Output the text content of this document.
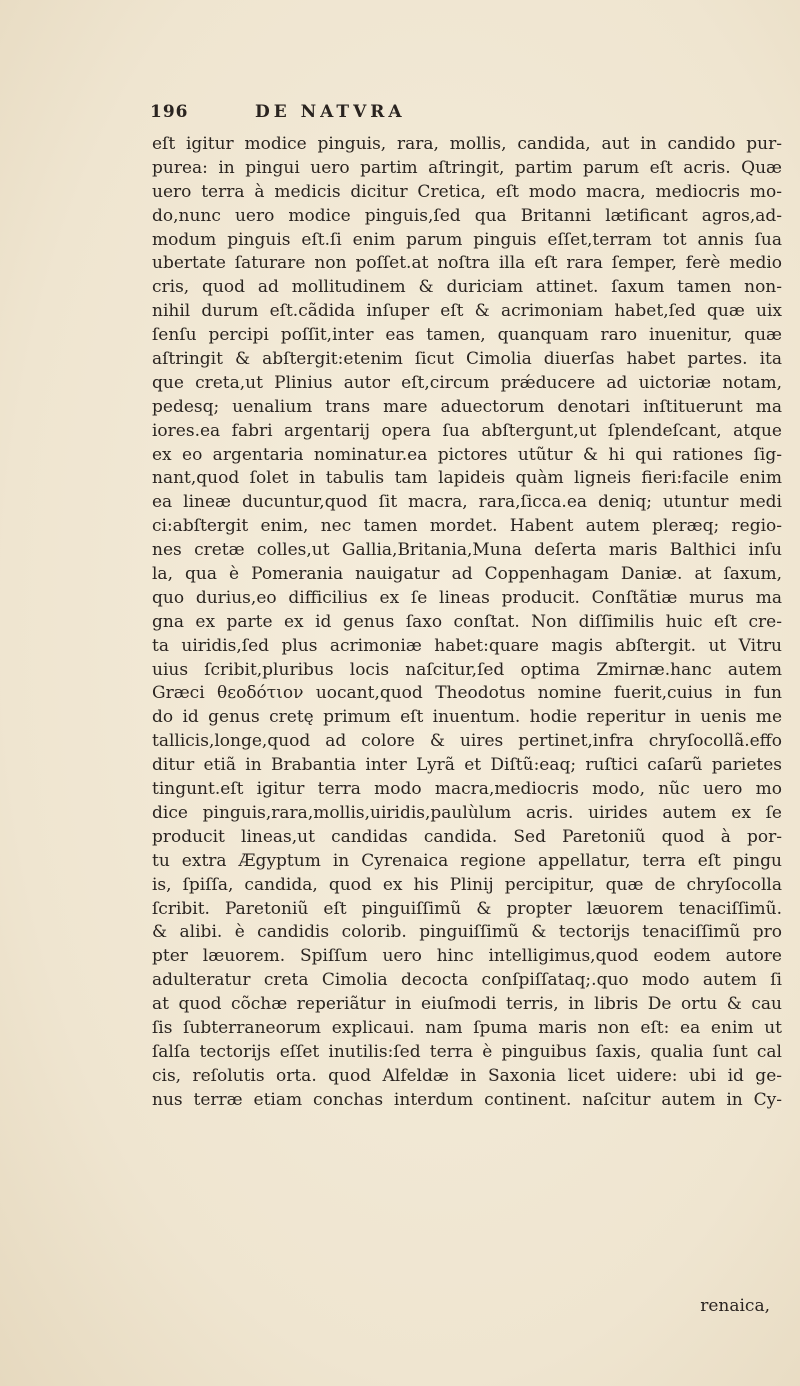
196	DE NATVRA
eſt igitur modice pinguis, rara, mollis, candida, aut in candido pur‑
purea: in pingui uero partim aſtringit, partim parum eſt acris. Quæ
uero terra à medicis dicitur Cretica, eſt modo macra, mediocris mo‑
do,nunc uero modice pinguis,ſed qua Britanni lætificant agros,ad‑
modum pinguis eſt.ſi enim parum pinguis eſſet,terram tot annis ſua
ubertate ſaturare non poſſet.at noſtra illa eſt rara ſemper, ferè medio
cris, quod ad mollitudinem & duriciam attinet. ſaxum tamen non‑
nihil durum eſt.cãdida inſuper eſt & acrimoniam habet,ſed quæ uix
ſenſu percipi poſſit,inter eas tamen, quanquam raro inuenitur, quæ
aſtringit & abſtergit:etenim ſicut Cimolia diuerſas habet partes. ita
que creta,ut Plinius autor eſt,circum prǽducere ad uictoriæ notam,
pedesq; uenalium trans mare aduectorum denotari inſtituerunt ma
iores.ea fabri argentarij opera ſua abſtergunt,ut ſplendeſcant, atque
ex eo argentaria nominatur.ea pictores utũtur & hi qui rationes ſig‑
nant,quod ſolet in tabulis tam lapideis quàm ligneis fieri:facile enim
ea lineæ ducuntur,quod ſit macra, rara,ſicca.ea deniq; utuntur medi
ci:abſtergit enim, nec tamen mordet. Habent autem pleræq; regio‑
nes cretæ colles,ut Gallia,Britania,Muna deſerta maris Balthici inſu
la, qua è Pomerania nauigatur ad Coppenhagam Daniæ. at ſaxum,
quo durius,eo difficilius ex ſe lineas producit. Conſtãtiæ murus ma
gna ex parte ex id genus ſaxo conſtat. Non diſſimilis huic eſt cre‑
ta uiridis,ſed plus acrimoniæ habet:quare magis abſtergit. ut Vitru
uius ſcribit,pluribus locis naſcitur,ſed optima Zmirnæ.hanc autem
Græci θεοδότιον uocant,quod Theodotus nomine fuerit,cuius in fun
do id genus cretę primum eſt inuentum. hodie reperitur in uenis me
tallicis,longe,quod ad colore & uires pertinet,infra chryſocollã.effo
ditur etiã in Brabantia inter Lyrã et Diſtũ:eaq; ruſtici caſarũ parietes
tingunt.eſt igitur terra modo macra,mediocris modo, nũc uero mo
dice pinguis,rara,mollis,uiridis,paulùlum acris. uirides autem ex ſe
producit lineas,ut candidas candida. Sed Paretoniũ quod à por‑
tu extra Ægyptum in Cyrenaica regione appellatur, terra eſt pingu
is, ſpiſſa, candida, quod ex his Plinij percipitur, quæ de chryſocolla
ſcribit. Paretoniũ eſt pinguiſſimũ & propter læuorem tenaciſſimũ.
& alibi. è candidis colorib. pinguiſſimũ & tectorijs tenaciſſimũ pro
pter læuorem. Spiſſum uero hinc intelligimus,quod eodem autore
adulteratur creta Cimolia decocta conſpiſſataq;.quo modo autem ſi
at quod cõchæ reperiãtur in eiuſmodi terris, in libris De ortu & cau
ſis ſubterraneorum explicaui. nam ſpuma maris non eſt: ea enim ut
ſalſa tectorijs eſſet inutilis:ſed terra è pinguibus ſaxis, qualia ſunt cal
cis, reſolutis orta. quod Alfeldæ in Saxonia licet uidere: ubi id ge‑
nus terræ etiam conchas interdum continent. naſcitur autem in Cy‑
renaica,
